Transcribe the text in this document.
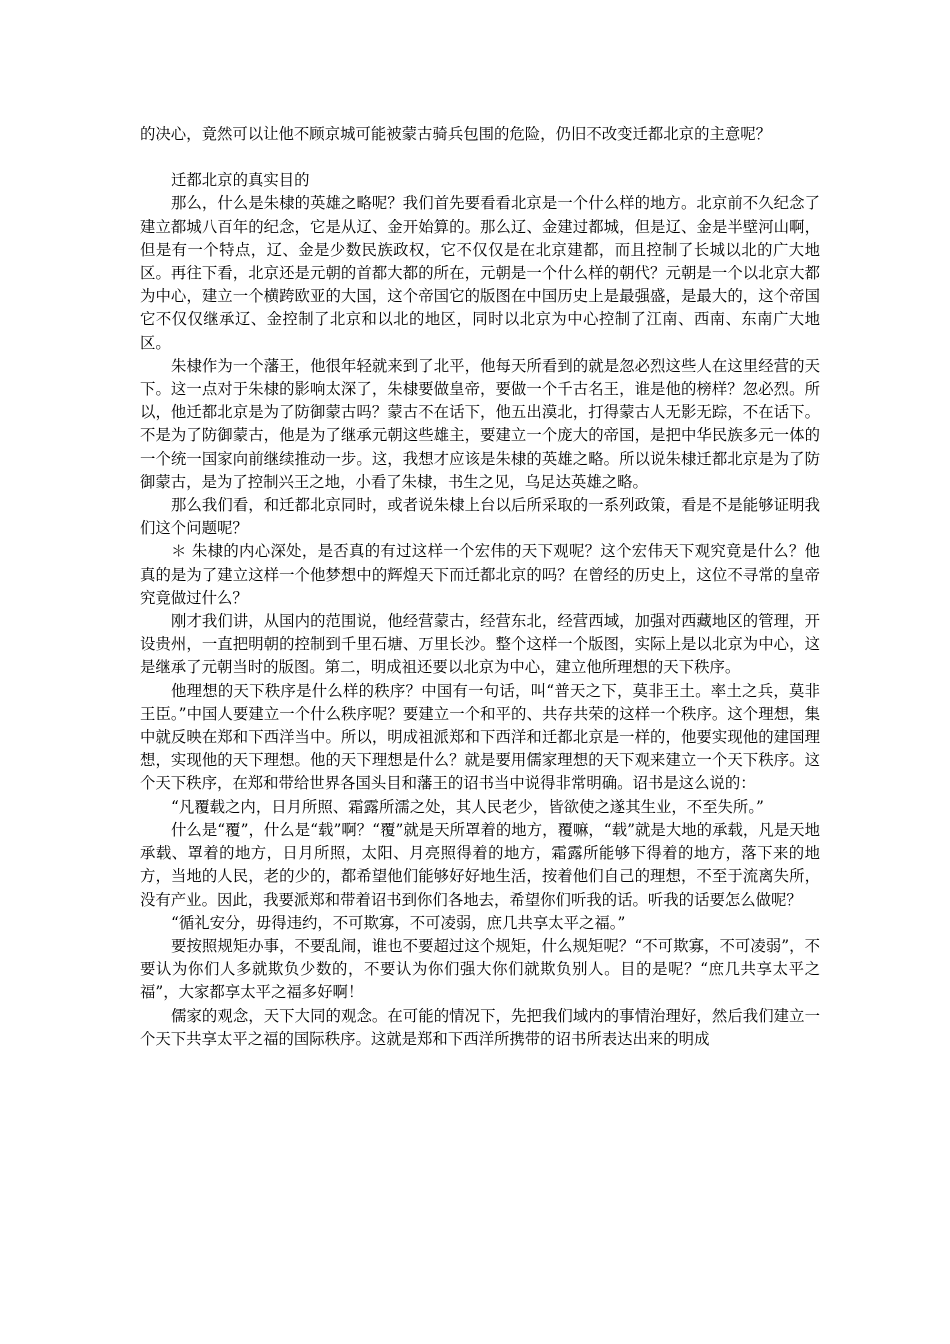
的决心，竟然可以让他不顾京城可能被蒙古骑兵包围的危险，仍旧不改变迁都北京的主意呢？

迁都北京的真实目的

那么，什么是朱棣的英雄之略呢？我们首先要看看北京是一个什么样的地方。北京前不久纪念了建立都城八百年的纪念，它是从辽、金开始算的。那么辽、金建过都城，但是辽、金是半壁河山啊，但是有一个特点，辽、金是少数民族政权，它不仅仅是在北京建都，而且控制了长城以北的广大地区。再往下看，北京还是元朝的首都大都的所在，元朝是一个什么样的朝代？元朝是一个以北京大都为中心，建立一个横跨欧亚的大国，这个帝国它的版图在中国历史上是最强盛，是最大的，这个帝国它不仅仅继承辽、金控制了北京和以北的地区，同时以北京为中心控制了江南、西南、东南广大地区。

朱棣作为一个藩王，他很年轻就来到了北平，他每天所看到的就是忽必烈这些人在这里经营的天下。这一点对于朱棣的影响太深了，朱棣要做皇帝，要做一个千古名王，谁是他的榜样？忽必烈。所以，他迁都北京是为了防御蒙古吗？蒙古不在话下，他五出漠北，打得蒙古人无影无踪，不在话下。不是为了防御蒙古，他是为了继承元朝这些雄主，要建立一个庞大的帝国，是把中华民族多元一体的一个统一国家向前继续推动一步。这，我想才应该是朱棣的英雄之略。所以说朱棣迁都北京是为了防御蒙古，是为了控制兴王之地，小看了朱棣，书生之见，乌足达英雄之略。

那么我们看，和迁都北京同时，或者说朱棣上台以后所采取的一系列政策，看是不是能够证明我们这个问题呢？

＊ 朱棣的内心深处，是否真的有过这样一个宏伟的天下观呢？这个宏伟天下观究竟是什么？他真的是为了建立这样一个他梦想中的辉煌天下而迁都北京的吗？在曾经的历史上，这位不寻常的皇帝究竟做过什么？

刚才我们讲，从国内的范围说，他经营蒙古，经营东北，经营西域，加强对西藏地区的管理，开设贵州，一直把明朝的控制到千里石塘、万里长沙。整个这样一个版图，实际上是以北京为中心，这是继承了元朝当时的版图。第二，明成祖还要以北京为中心，建立他所理想的天下秩序。

他理想的天下秩序是什么样的秩序？中国有一句话，叫“普天之下，莫非王土。率土之兵，莫非王臣。”中国人要建立一个什么秩序呢？要建立一个和平的、共存共荣的这样一个秩序。这个理想，集中就反映在郑和下西洋当中。所以，明成祖派郑和下西洋和迁都北京是一样的，他要实现他的建国理想，实现他的天下理想。他的天下理想是什么？就是要用儒家理想的天下观来建立一个天下秩序。这个天下秩序，在郑和带给世界各国头目和藩王的诏书当中说得非常明确。诏书是这么说的：

“凡覆载之内，日月所照、霜露所濡之处，其人民老少，皆欲使之遂其生业，不至失所。”

什么是“覆”，什么是“载”啊？“覆”就是天所罩着的地方，覆嘛，“载”就是大地的承载，凡是天地承载、罩着的地方，日月所照，太阳、月亮照得着的地方，霜露所能够下得着的地方，落下来的地方，当地的人民，老的少的，都希望他们能够好好地生活，按着他们自己的理想，不至于流离失所，没有产业。因此，我要派郑和带着诏书到你们各地去，希望你们听我的话。听我的话要怎么做呢？

“循礼安分，毋得违约，不可欺寡，不可凌弱，庶几共享太平之福。”

要按照规矩办事，不要乱闹，谁也不要超过这个规矩，什么规矩呢？“不可欺寡，不可凌弱”，不要认为你们人多就欺负少数的，不要认为你们强大你们就欺负别人。目的是呢？“庶几共享太平之福”，大家都享太平之福多好啊！

儒家的观念，天下大同的观念。在可能的情况下，先把我们域内的事情治理好，然后我们建立一个天下共享太平之福的国际秩序。这就是郑和下西洋所携带的诏书所表达出来的明成
